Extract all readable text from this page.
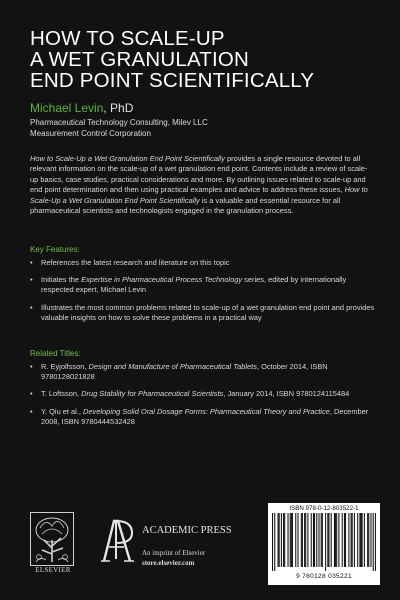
HOW TO SCALE-UP
A WET GRANULATION
END POINT SCIENTIFICALLY
Michael Levin, PhD
Pharmaceutical Technology Consulting, Milev LLC
Measurement Control Corporation
How to Scale-Up a Wet Granulation End Point Scientifically provides a single resource devoted to all relevant information on the scale-up of a wet granulation end point. Contents include a review of scale-up basics, case studies, practical considerations and more. By outlining issues related to scale-up and end point determination and then using practical examples and advice to address these issues, How to Scale-Up a Wet Granulation End Point Scientifically is a valuable and essential resource for all pharmaceutical scientists and technologists engaged in the granulation process.
Key Features:
• References the latest research and literature on this topic
• Initiates the Expertise in Pharmaceutical Process Technology series, edited by internationally respected expert, Michael Levin
• Illustrates the most common problems related to scale-up of a wet granulation end point and provides valuable insights on how to solve these problems in a practical way
Related Titles:
• R. Eyjolfsson, Design and Manufacture of Pharmaceutical Tablets, October 2014, ISBN 9780128021828
• T. Loftsson, Drug Stability for Pharmaceutical Scientists, January 2014, ISBN 9780124115484
• Y. Qiu et al., Developing Solid Oral Dosage Forms: Pharmaceutical Theory and Practice, December 2008, ISBN 9780444532428
ELSEVIER
ACADEMIC PRESS
An imprint of Elsevier
store.elsevier.com
ISBN 978-0-12-803522-1
9 780128 035221
